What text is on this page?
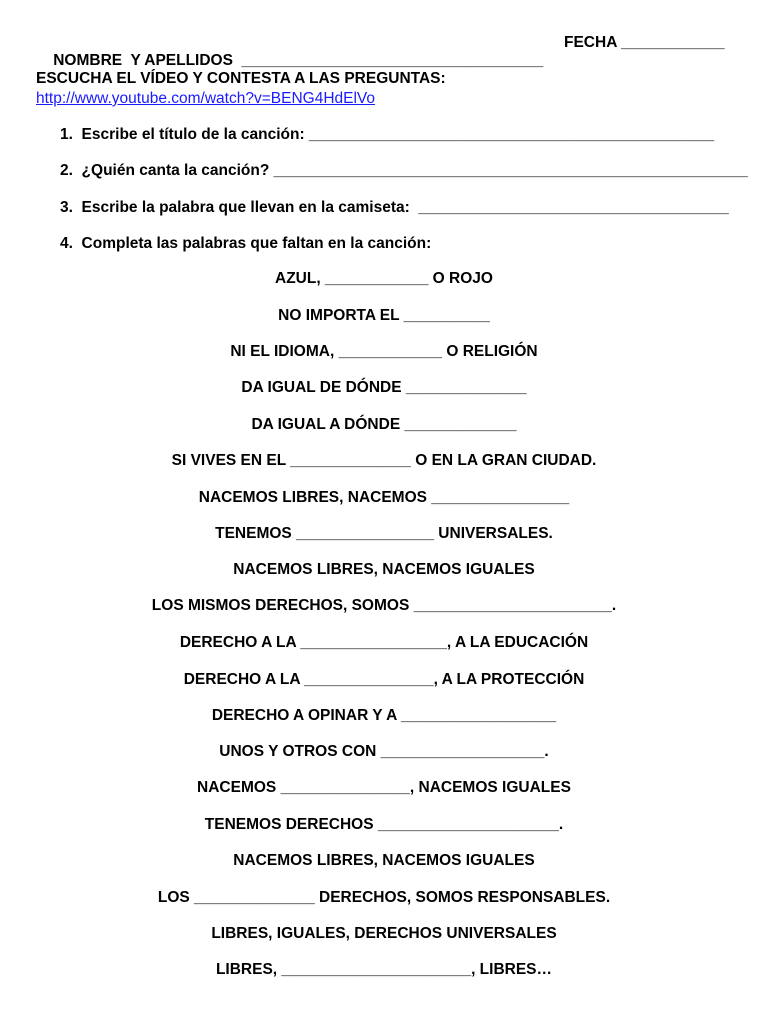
NOMBRE  Y APELLIDOS  ___________________________________

FECHA ____________

ESCUCHA EL VÍDEO Y CONTESTA A LAS PREGUNTAS:
http://www.youtube.com/watch?v=BENG4HdElVo
1.  Escribe el título de la canción: _______________________________________________
2.  ¿Quién canta la canción? _______________________________________________________
3.  Escribe la palabra que llevan en la camiseta:  ____________________________________
4.  Completa las palabras que faltan en la canción:
AZUL, ____________ O ROJO
NO IMPORTA EL __________
NI EL IDIOMA, ____________ O RELIGIÓN
DA IGUAL DE DÓNDE ______________
DA IGUAL A DÓNDE _____________
SI VIVES EN EL ______________ O EN LA GRAN CIUDAD.
NACEMOS LIBRES, NACEMOS ________________
TENEMOS ________________ UNIVERSALES.
NACEMOS LIBRES, NACEMOS IGUALES
LOS MISMOS DERECHOS, SOMOS _______________________.
DERECHO A LA _________________, A LA EDUCACIÓN
DERECHO A LA _______________, A LA PROTECCIÓN
DERECHO A OPINAR Y A __________________
UNOS Y OTROS CON ___________________.
NACEMOS _______________, NACEMOS IGUALES
TENEMOS DERECHOS _____________________.
NACEMOS LIBRES, NACEMOS IGUALES
LOS ______________ DERECHOS, SOMOS RESPONSABLES.
LIBRES, IGUALES, DERECHOS UNIVERSALES
LIBRES, ______________________, LIBRES…
